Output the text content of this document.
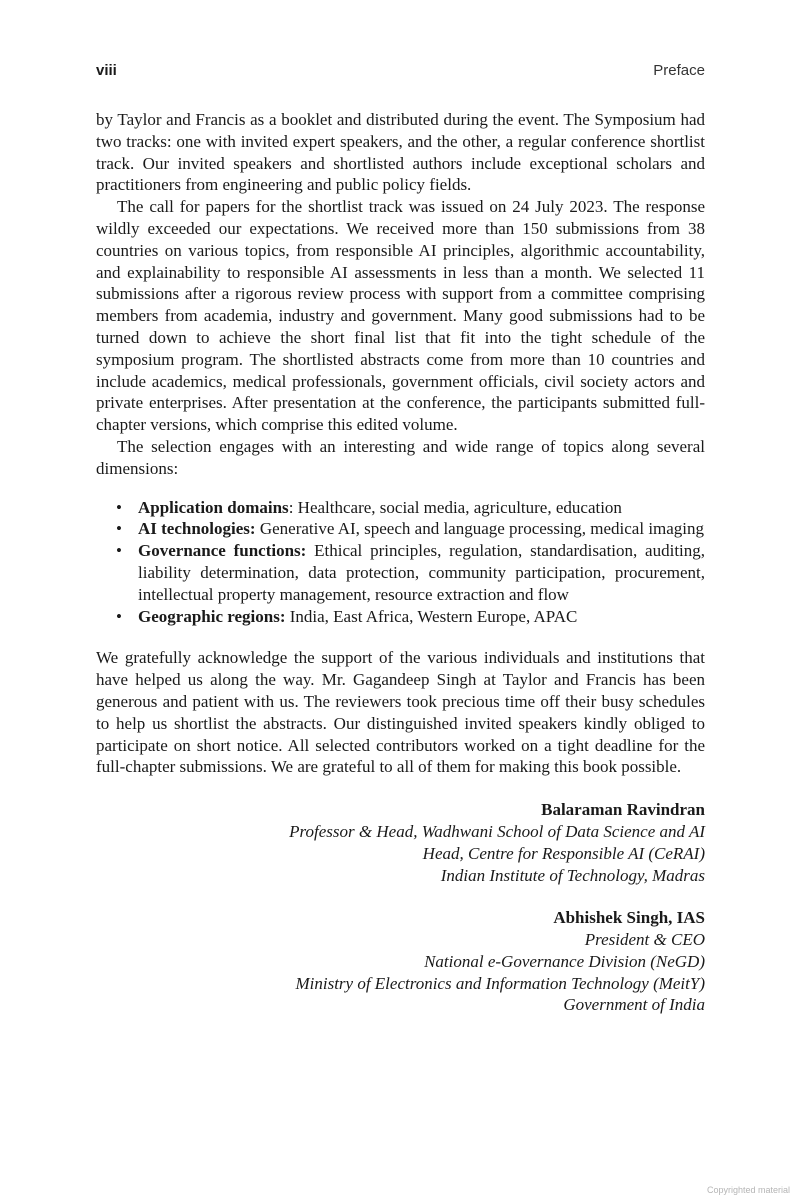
viii	Preface

by Taylor and Francis as a booklet and distributed during the event. The Symposium had two tracks: one with invited expert speakers, and the other, a regular conference shortlist track. Our invited speakers and shortlisted authors include exceptional scholars and practitioners from engineering and public policy fields.

The call for papers for the shortlist track was issued on 24 July 2023. The response wildly exceeded our expectations. We received more than 150 submissions from 38 countries on various topics, from responsible AI principles, algorithmic accountability, and explainability to responsible AI assessments in less than a month. We selected 11 submissions after a rigorous review process with support from a committee comprising members from academia, industry and government. Many good submissions had to be turned down to achieve the short final list that fit into the tight schedule of the symposium program. The shortlisted abstracts come from more than 10 countries and include academics, medical professionals, government officials, civil society actors and private enterprises. After presentation at the conference, the participants submitted full-chapter versions, which comprise this edited volume.

The selection engages with an interesting and wide range of topics along several dimensions:

• Application domains: Healthcare, social media, agriculture, education
• AI technologies: Generative AI, speech and language processing, medical imaging
• Governance functions: Ethical principles, regulation, standardisation, auditing, liability determination, data protection, community participation, procurement, intellectual property management, resource extraction and flow
• Geographic regions: India, East Africa, Western Europe, APAC

We gratefully acknowledge the support of the various individuals and institutions that have helped us along the way. Mr. Gagandeep Singh at Taylor and Francis has been generous and patient with us. The reviewers took precious time off their busy schedules to help us shortlist the abstracts. Our distinguished invited speakers kindly obliged to participate on short notice. All selected contributors worked on a tight deadline for the full-chapter submissions. We are grateful to all of them for making this book possible.

Balaraman Ravindran
Professor & Head, Wadhwani School of Data Science and AI
Head, Centre for Responsible AI (CeRAI)
Indian Institute of Technology, Madras
Abhishek Singh, IAS
President & CEO
National e-Governance Division (NeGD)
Ministry of Electronics and Information Technology (MeitY)
Government of India
Copyrighted material
